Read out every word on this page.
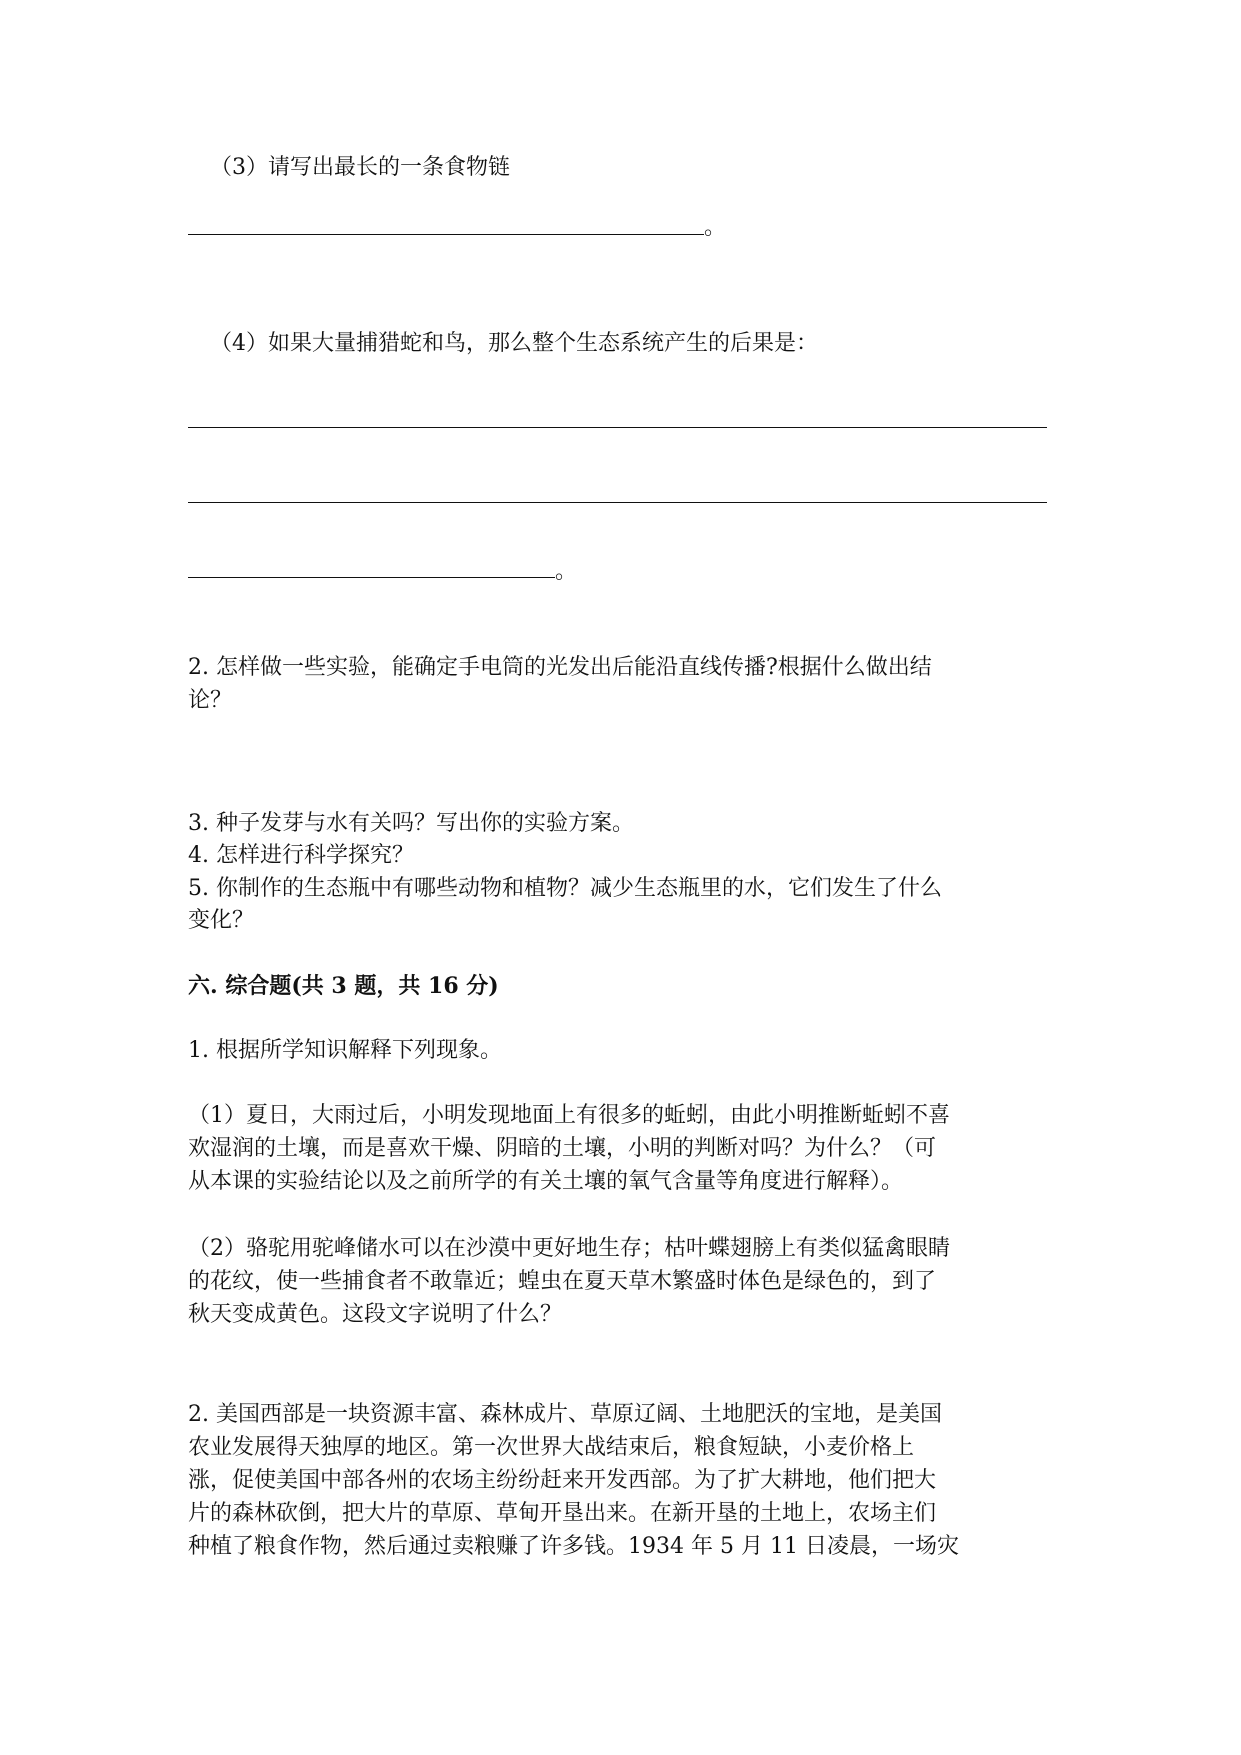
（3）请写出最长的一条食物链

。

（4）如果大量捕猎蛇和鸟，那么整个生态系统产生的后果是：

。

2. 怎样做一些实验，能确定手电筒的光发出后能沿直线传播?根据什么做出结

论？

3. 种子发芽与水有关吗？写出你的实验方案。

4. 怎样进行科学探究？

5. 你制作的生态瓶中有哪些动物和植物？减少生态瓶里的水，它们发生了什么

变化？

六. 综合题(共 3 题，共 16 分)

1. 根据所学知识解释下列现象。

（1）夏日，大雨过后，小明发现地面上有很多的蚯蚓，由此小明推断蚯蚓不喜

欢湿润的土壤，而是喜欢干燥、阴暗的土壤，小明的判断对吗？为什么？（可

从本课的实验结论以及之前所学的有关土壤的氧气含量等角度进行解释）。

（2）骆驼用驼峰储水可以在沙漠中更好地生存；枯叶蝶翅膀上有类似猛禽眼睛

的花纹，使一些捕食者不敢靠近；蝗虫在夏天草木繁盛时体色是绿色的，到了

秋天变成黄色。这段文字说明了什么？

2. 美国西部是一块资源丰富、森林成片、草原辽阔、土地肥沃的宝地，是美国

农业发展得天独厚的地区。第一次世界大战结束后，粮食短缺，小麦价格上

涨，促使美国中部各州的农场主纷纷赶来开发西部。为了扩大耕地，他们把大

片的森林砍倒，把大片的草原、草甸开垦出来。在新开垦的土地上，农场主们

种植了粮食作物，然后通过卖粮赚了许多钱。1934 年 5 月 11 日凌晨，一场灾
